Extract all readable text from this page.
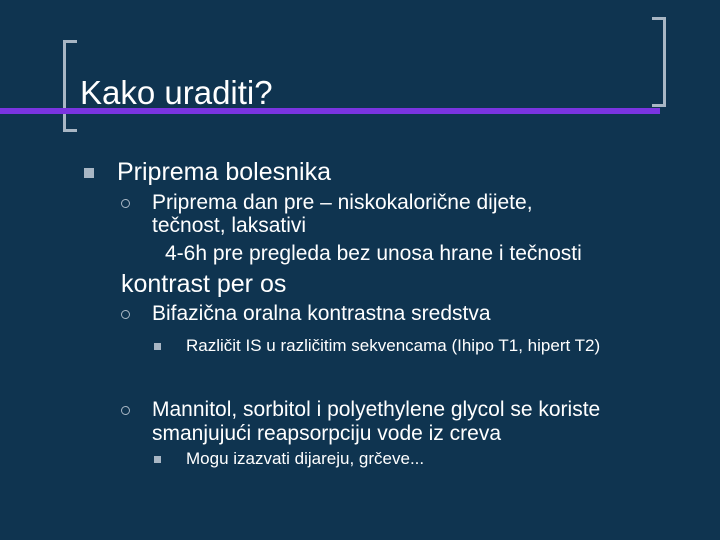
Kako uraditi?
Priprema bolesnika
Priprema dan pre – niskokalorične dijete,
tečnost, laksativi
4-6h pre pregleda bez unosa hrane i tečnosti
kontrast per os
Bifazična oralna kontrastna sredstva
Različit IS u različitim sekvencama (Ihipo T1, hipert T2)
Mannitol, sorbitol i polyethylene glycol se koriste
smanjujući reapsorpciju vode iz creva
Mogu izazvati dijareju, grčeve...
